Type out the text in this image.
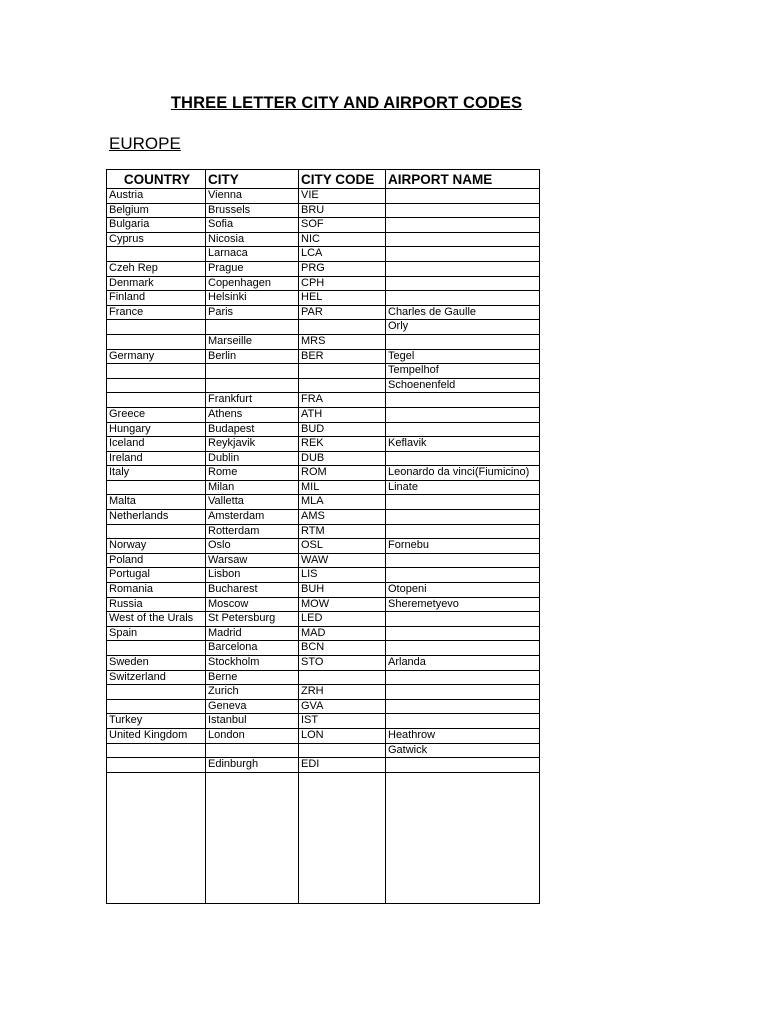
THREE LETTER CITY AND AIRPORT CODES
EUROPE
COUNTRY	CITY	CITY CODE	AIRPORT NAME
Austria	Vienna	VIE	
Belgium	Brussels	BRU	
Bulgaria	Sofia	SOF	
Cyprus	Nicosia	NIC	
	Larnaca	LCA	
Czeh Rep	Prague	PRG	
Denmark	Copenhagen	CPH	
Finland	Helsinki	HEL	
France	Paris	PAR	Charles de Gaulle
			Orly
	Marseille	MRS	
Germany	Berlin	BER	Tegel
			Tempelhof
			Schoenenfeld
	Frankfurt	FRA	
Greece	Athens	ATH	
Hungary	Budapest	BUD	
Iceland	Reykjavik	REK	Keflavik
Ireland	Dublin	DUB	
Italy	Rome	ROM	Leonardo da vinci(Fiumicino)
	Milan	MIL	Linate
Malta	Valletta	MLA	
Netherlands	Amsterdam	AMS	
	Rotterdam	RTM	
Norway	Oslo	OSL	Fornebu
Poland	Warsaw	WAW	
Portugal	Lisbon	LIS	
Romania	Bucharest	BUH	Otopeni
Russia	Moscow	MOW	Sheremetyevo
West of the Urals	St Petersburg	LED	
Spain	Madrid	MAD	
	Barcelona	BCN	
Sweden	Stockholm	STO	Arlanda
Switzerland	Berne		
	Zurich	ZRH	
	Geneva	GVA	
Turkey	Istanbul	IST	
United Kingdom	London	LON	Heathrow
			Gatwick
	Edinburgh	EDI	
